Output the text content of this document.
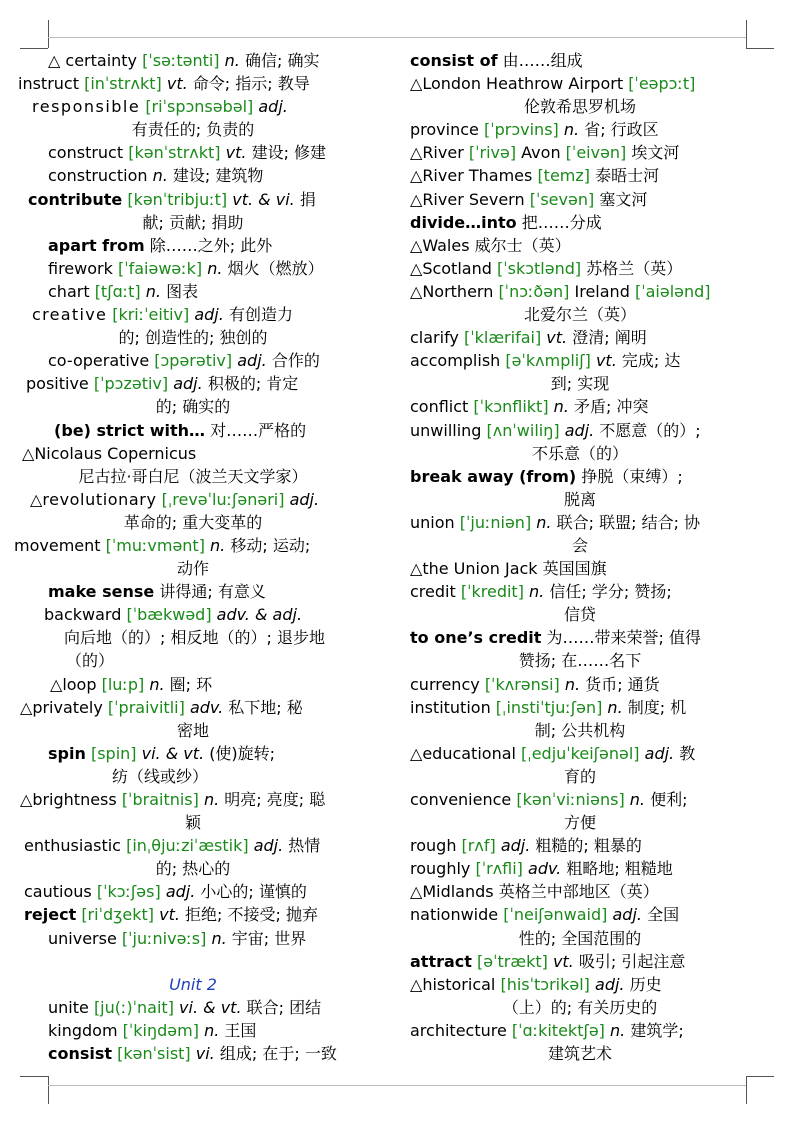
△ certainty [ˈsəːtənti] n. 确信; 确实

instruct [inˈstrʌkt] vt. 命令; 指示; 教导

responsible [riˈspɔnsəbəl] adj.

有责任的; 负责的

construct [kənˈstrʌkt] vt. 建设; 修建

construction n. 建设; 建筑物

contribute [kənˈtribjuːt] vt. & vi. 捐

献; 贡献; 捐助

apart from 除……之外; 此外

firework [ˈfaiəwəːk] n. 烟火（燃放）

chart [tʃɑːt] n. 图表

creative [kriːˈeitiv] adj. 有创造力

的; 创造性的; 独创的

co-operative [ɔpərətiv] adj. 合作的

positive [ˈpɔzətiv] adj. 积极的; 肯定

的; 确实的

(be) strict with… 对……严格的

△Nicolaus Copernicus

尼古拉·哥白尼（波兰天文学家）

△revolutionary [ˌrevəˈluːʃənəri] adj.

革命的; 重大变革的

movement [ˈmuːvmənt] n. 移动; 运动;

动作

make sense 讲得通; 有意义

backward [ˈbækwəd] adv. & adj.

向后地（的）; 相反地（的）; 退步地

（的）

△loop [luːp] n. 圈; 环

△privately [ˈpraivitli] adv. 私下地; 秘

密地

spin [spin] vi. & vt. (使)旋转;

纺（线或纱）

△brightness [ˈbraitnis] n. 明亮; 亮度; 聪

颖

enthusiastic [inˌθjuːziˈæstik] adj. 热情

的; 热心的

cautious [ˈkɔːʃəs] adj. 小心的; 谨慎的

reject [riˈdʒekt] vt. 拒绝; 不接受; 抛弃

universe [ˈjuːnivəːs] n. 宇宙; 世界

Unit 2

unite [ju(ː)ˈnait] vi. & vt. 联合; 团结

kingdom [ˈkiŋdəm] n. 王国

consist [kənˈsist] vi. 组成; 在于; 一致

consist of 由……组成

△London Heathrow Airport [ˈeəpɔːt]

伦敦希思罗机场

province [ˈprɔvins] n. 省; 行政区

△River [ˈrivə] Avon [ˈeivən] 埃文河

△River Thames [temz] 泰晤士河

△River Severn [ˈsevən] 塞文河

divide…into 把……分成

△Wales 威尔士（英）

△Scotland [ˈskɔtlənd] 苏格兰（英）

△Northern [ˈnɔːðən] Ireland [ˈaiələnd]

北爱尔兰（英）

clarify [ˈklærifai] vt. 澄清; 阐明

accomplish [əˈkʌmpliʃ] vt. 完成; 达

到; 实现

conflict [ˈkɔnflikt] n. 矛盾; 冲突

unwilling [ʌnˈwiliŋ] adj. 不愿意（的）;

不乐意（的）

break away (from) 挣脱（束缚）;

脱离

union [ˈjuːniən] n. 联合; 联盟; 结合; 协

会

△the Union Jack 英国国旗

credit [ˈkredit] n. 信任; 学分; 赞扬;

信贷

to one’s credit 为……带来荣誉; 值得

赞扬; 在……名下

currency [ˈkʌrənsi] n. 货币; 通货

institution [ˌinstiˈtjuːʃən] n. 制度; 机

制; 公共机构

△educational [ˌedjuˈkeiʃənəl] adj. 教

育的

convenience [kənˈviːniəns] n. 便利;

方便

rough [rʌf] adj. 粗糙的; 粗暴的

roughly [ˈrʌfli] adv. 粗略地; 粗糙地

△Midlands 英格兰中部地区（英）

nationwide [ˈneiʃənwaid] adj. 全国

性的; 全国范围的

attract [əˈtrækt] vt. 吸引; 引起注意

△historical [hisˈtɔrikəl] adj. 历史

（上）的; 有关历史的

architecture [ˈɑːkitektʃə] n. 建筑学;

建筑艺术
